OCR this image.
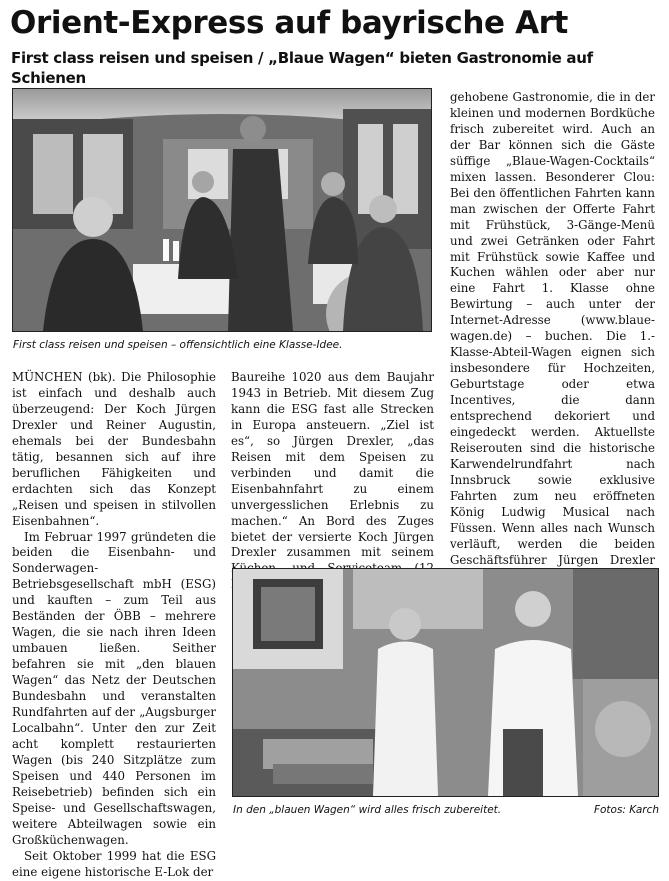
Orient-Express auf bayrische Art
First class reisen und speisen / „Blaue Wagen“ bieten Gastronomie auf Schienen

First class reisen und speisen – offensichtlich eine Klasse-Idee.

MÜNCHEN (bk). Die Philosophie ist einfach und deshalb auch überzeugend: Der Koch Jürgen Drexler und Reiner Augustin, ehemals bei der Bundesbahn tätig, besannen sich auf ihre beruflichen Fähigkeiten und erdachten sich das Konzept „Reisen und speisen in stilvollen Eisenbahnen“.

Im Februar 1997 gründeten die beiden die Eisenbahn- und Sonderwagen-Betriebsgesellschaft mbH (ESG) und kauften – zum Teil aus Beständen der ÖBB – mehrere Wagen, die sie nach ihren Ideen umbauen ließen. Seither befahren sie mit „den blauen Wagen“ das Netz der Deutschen Bundesbahn und veranstalten Rundfahrten auf der „Augsburger Localbahn“. Unter den zur Zeit acht komplett restaurierten Wagen (bis 240 Sitzplätze zum Speisen und 440 Personen im Reisebetrieb) befinden sich ein Speise- und Gesellschaftswagen, weitere Abteilwagen sowie ein Großküchenwagen.

Seit Oktober 1999 hat die ESG eine eigene historische E-Lok der

Baureihe 1020 aus dem Baujahr 1943 in Betrieb. Mit diesem Zug kann die ESG fast alle Strecken in Europa ansteuern. „Ziel ist es“, so Jürgen Drexler, „das Reisen mit dem Speisen zu verbinden und damit die Eisenbahnfahrt zu einem unvergesslichen Erlebnis zu machen.“ An Bord des Zuges bietet der versierte Koch Jürgen Drexler zusammen mit seinem

gehobene Gastronomie, die in der kleinen und modernen Bordküche frisch zubereitet wird. Auch an der Bar können sich die Gäste süffige „Blaue-Wagen-Cocktails“ mixen lassen. Besonderer Clou: Bei den öffentlichen Fahrten kann man zwischen der Offerte Fahrt mit Frühstück, 3-Gänge-Menü und zwei Getränken oder Fahrt mit Frühstück sowie Kaffee und Kuchen wählen oder aber nur eine Fahrt 1. Klasse ohne Bewirtung – auch unter der Internet-Adresse (www.blaue-wagen.de) – buchen. Die 1.-Klasse-Abteil-Wagen eignen sich insbesondere für Hochzeiten, Geburtstage oder etwa Incentives, die dann entsprechend dekoriert und eingedeckt werden. Aktuellste Reiserouten sind die historische Karwendelrundfahrt nach Innsbruck sowie exklusive Fahrten zum neu eröffneten König Ludwig Musical nach Füssen. Wenn alles nach Wunsch verläuft, werden die beiden Geschäftsführer Jürgen Drexler

In den „blauen Wagen“ wird alles frisch zubereitet.	Fotos: Karch
